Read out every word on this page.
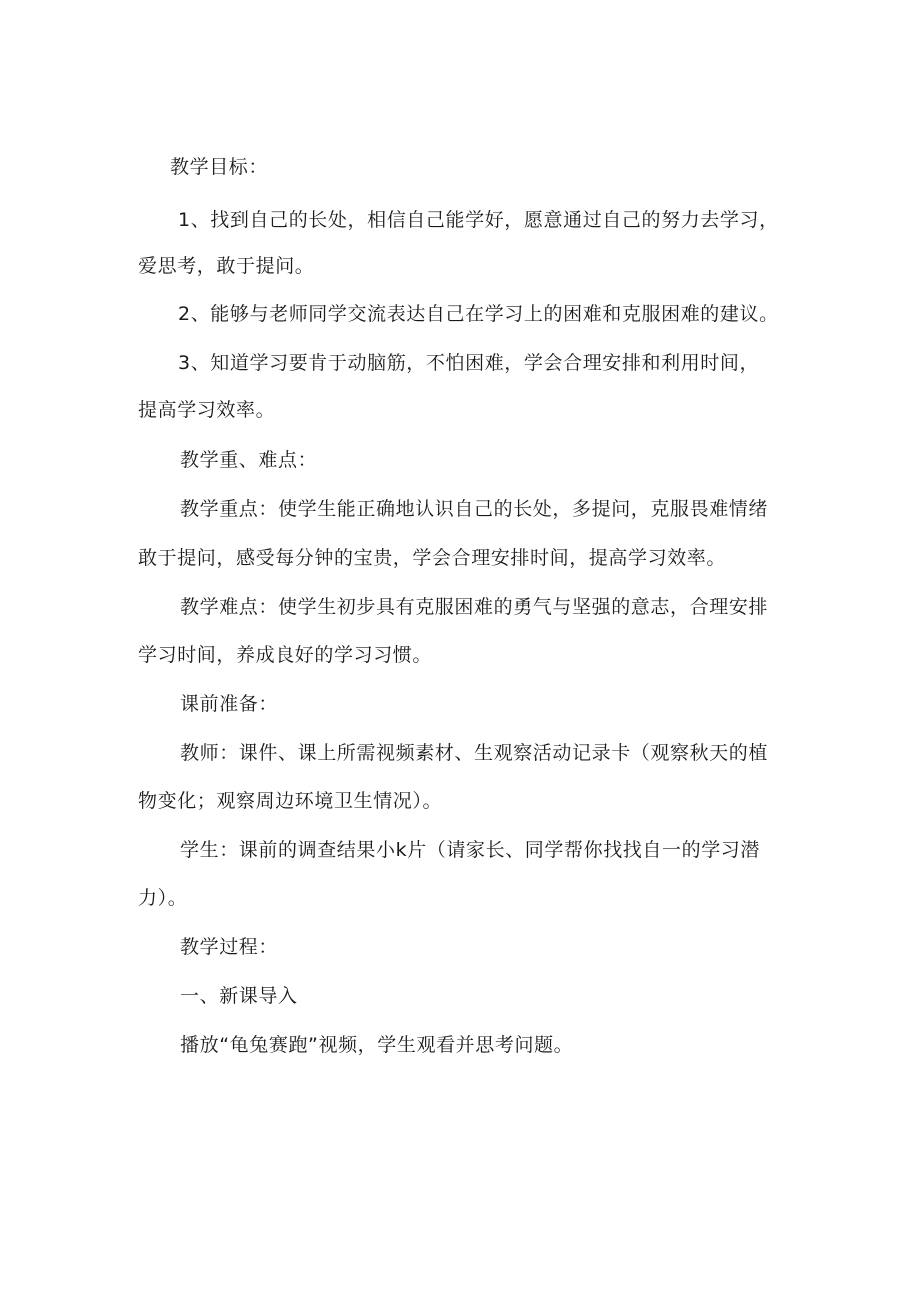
教学目标：

1、找到自己的长处，相信自己能学好，愿意通过自己的努力去学习，

爱思考，敢于提问。

2、能够与老师同学交流表达自己在学习上的困难和克服困难的建议。

3、知道学习要肯于动脑筋，不怕困难，学会合理安排和利用时间，

提高学习效率。

教学重、难点：

教学重点：使学生能正确地认识自己的长处，多提问，克服畏难情绪

敢于提问，感受每分钟的宝贵，学会合理安排时间，提高学习效率。

教学难点：使学生初步具有克服困难的勇气与坚强的意志，合理安排

学习时间，养成良好的学习习惯。

课前准备：

教师：课件、课上所需视频素材、生观察活动记录卡（观察秋天的植

物变化；观察周边环境卫生情况）。

学生：课前的调查结果小k片（请家长、同学帮你找找自一的学习潜

力）。

教学过程：

一、新课导入

播放“龟兔赛跑”视频，学生观看并思考问题。
